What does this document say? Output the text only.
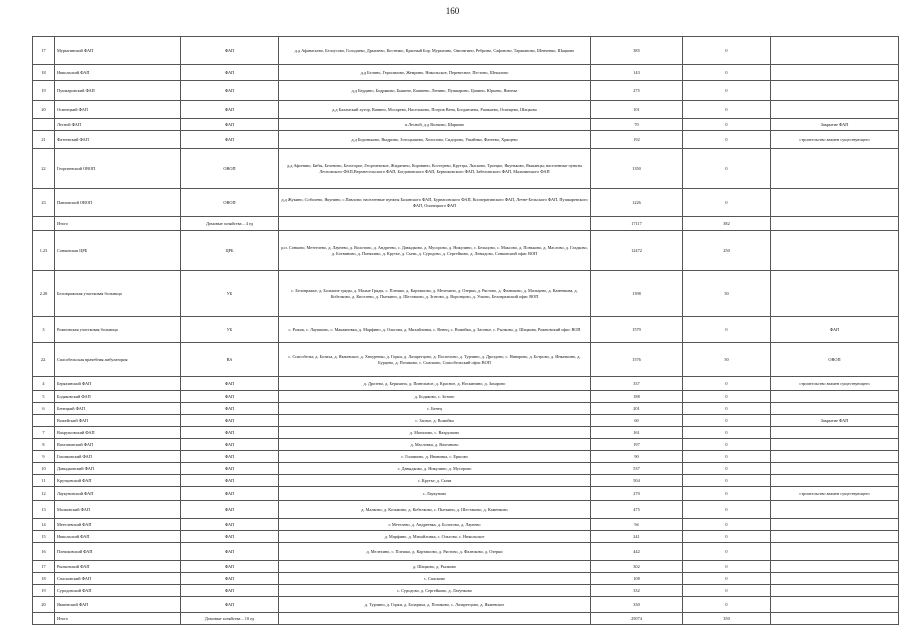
160
17	Мурыгинский ФАП	ФАП	д.д Афанасьево, Белоусово, Голодаево, Дрыгаево, Костюжо, Красный Бор, Мурыгино, Ожогягино, Ребрино, Сафоново, Тараканово, Шевченко, Шацково	385	0	
18	Никольский ФАП	ФАП	д.д Белино, Герасимово, Жемрино, Никольское, Перевесное, Пестово, Шекалово	143	0	
19	Пушкаровский ФАП	ФАП	д.д Бердино, Бодряково, Быкино, Кашнево, Ленино, Пушкарово, Цапино, Юрьево, Ямонье	275	0	
20	Осинецкий ФАП	ФАП	д.д Баламский хутор, Ванино, Мосарево, Насельково, Погров Вена, Богданчаты, Рашкаево, Осинцево, Шацково	101	0	
	Лесной ФАП	ФАП	п.Лесной, д.д Волково, Шарково	70	0	Закрытие ФАП
21	Фатеевский ФАП	ФАП	д.д Бороньково, Выдрино, Зотоцышево, Холопово, Сидорово, Ушайнко, Фатеево, Хрящево	192	0	строительство взамен существующего
22	Георгиевский ОВОП	ОВОП	д.д Афонино, Бибы, Беленово, Белогорье, Георгиевское, Жидятино, Коровино, Костерево, Крутцы, Лысково, Троецко, Якуньково, Якшанцы; населенные пункты Лесновского ФАП,Верхнесельского ФАП, Богдановского ФАП, Бермоковского ФАП, Забелинского ФАП, Мальчинского ФАП	1350	0	
23	Павловский ОВОП	ОВОП	д.д Жукино, Соболево, Якунино, с.Павлово; населенные пункты Баланского ФАП, Бурнасовского ФАП, Кооперативского ФАП, Летне-Бельского ФАП, Пушкаревского ФАП, Осинецкого ФАП	1226	0	
	Итого	Домовые хозяйства – 4 ед		17117	382	
1.23	Сонковская ЦРБ	ЦРБ	р.п. Сонково, Метеелево, д. Лаунево, д. Волотово, д. Андреево, с. Давыдково, д. Мусорово, д. Никулино, с. Бельцово, с. Максово, д. Поньково, д. Маслово, д. Гладково, д. Ботвиново, д. Поняхино, д. Крутье, д. Сычи, д. Суродово, д. Сергейково, д. Левыдово, Сонковский офис ВОП	12472	250	
2.28	Беловражская участковая больница	УБ	с. Беловражье, д. Большие гряды, д. Малые Гряды, с. Плешко, д. Карташово, д. Мелехино, д. Озерки, д. Рястово, д. Фалюково, д. Мальцево, д. Каменкова, д. Кобелково, д. Киселево, д. Пыткино, д. Шестаково, д. Згатово, д. Воронцово, д. Усково, Беловражский офис ВОП	1398	50	
3	Рожновская участковая больница	УБ	с. Рожок, с. Лаушково, с. Макаяновка, д. Марфино, д. Ольгова, д. Михайловка, с. Венец, с. Вожейка, д. Засевье, с. Рылково, д. Шацкова, Рожновский офис ВОП	1579	0	ФАП
22.	Спасобельская врачебная амбулатория	ВА	с. Спасобельт, д. Бозиха, д. Якжевское, д. Хвоуренко, д. Горки, д. Лазаретцово, д. Поспелово, д. Турчино, д. Дроздово, с. Ниварово, д. Ботрово, д. Инкаткино, д. Бурцево, д. Позиково, с. Спасково, Спасобельский офис ВОП	1576	50	ОВОП
4	Беряхинский ФАП	ФАП	д. Дрозево, д. Беряхино, д. Пинельное, д. Красное, д. Носкинино, д. Захарово	337	0	строительство взамен существующего
5	Бодяковский ФАП	ФАП	д. Бодяково, с. Зотово	188	0	
6	Бенецкий ФАП	ФАП	с. Бенец	201	0	
	Вожейский ФАП	ФАП	с. Заозье, д. Вожейка	60	0	Закрытие ФАП
7	Вахрушовский ФАП	ФАП	д. Мазилово, с. Вахрушово	161	0	
8	Вахтановский ФАП	ФАП	д. Масловка, д. Вахтаново	197	0	
9	Гошиковский ФАП	ФАП	с. Гошиково, д. Ивановка, с. Ершово	90	0	
10	Давыдковский ФАП	ФАП	с. Давыдково, д. Никулино, д. Мусорово	537	0	
11	Крутцовский ФАП	ФАП	с. Крутье, д. Сычи	504	0	
12	Лаукуновский ФАП	ФАП	с. Лаукуново	270	0	строительство взамен существующего
13	Малковский ФАП	ФАП	д. Малково, д. Козьмино, д. Кобелково, с. Пыткино, д. Шестаково, д. Каменково	475	0	
14	Метелевский ФАП	ФАП	г. Метелево, д. Андреевка, д. Болотово, д. Лаунево	94	0	
15	Никольский ФАП	ФАП	д. Марфино, д. Михайловка, с. Ольгово, с. Никольское	241	0	
16	Плешковский ФАП	ФАП	д. Мелехино, с. Плешко, д. Карташово, д. Рястово, д. Фалюково, д. Озерки	442	0	
17	Рылковский ФАП	ФАП	д. Шацково, д. Рылково	302	0	
18	Спасковский ФАП	ФАП	с. Спасково	108	0	
19	Суродовский ФАП	ФАП	с. Суродово, д. Сергейково, д. Латунково	332	0	
20	Якшевский ФАП	ФАП	д. Турчино, д. Горки, д. Бозариха, д. Позиково, с. Лазаретцово, д. Якжевское	330	0	
	Итого	Домовые хозяйства – 10 ед		25074	350	
